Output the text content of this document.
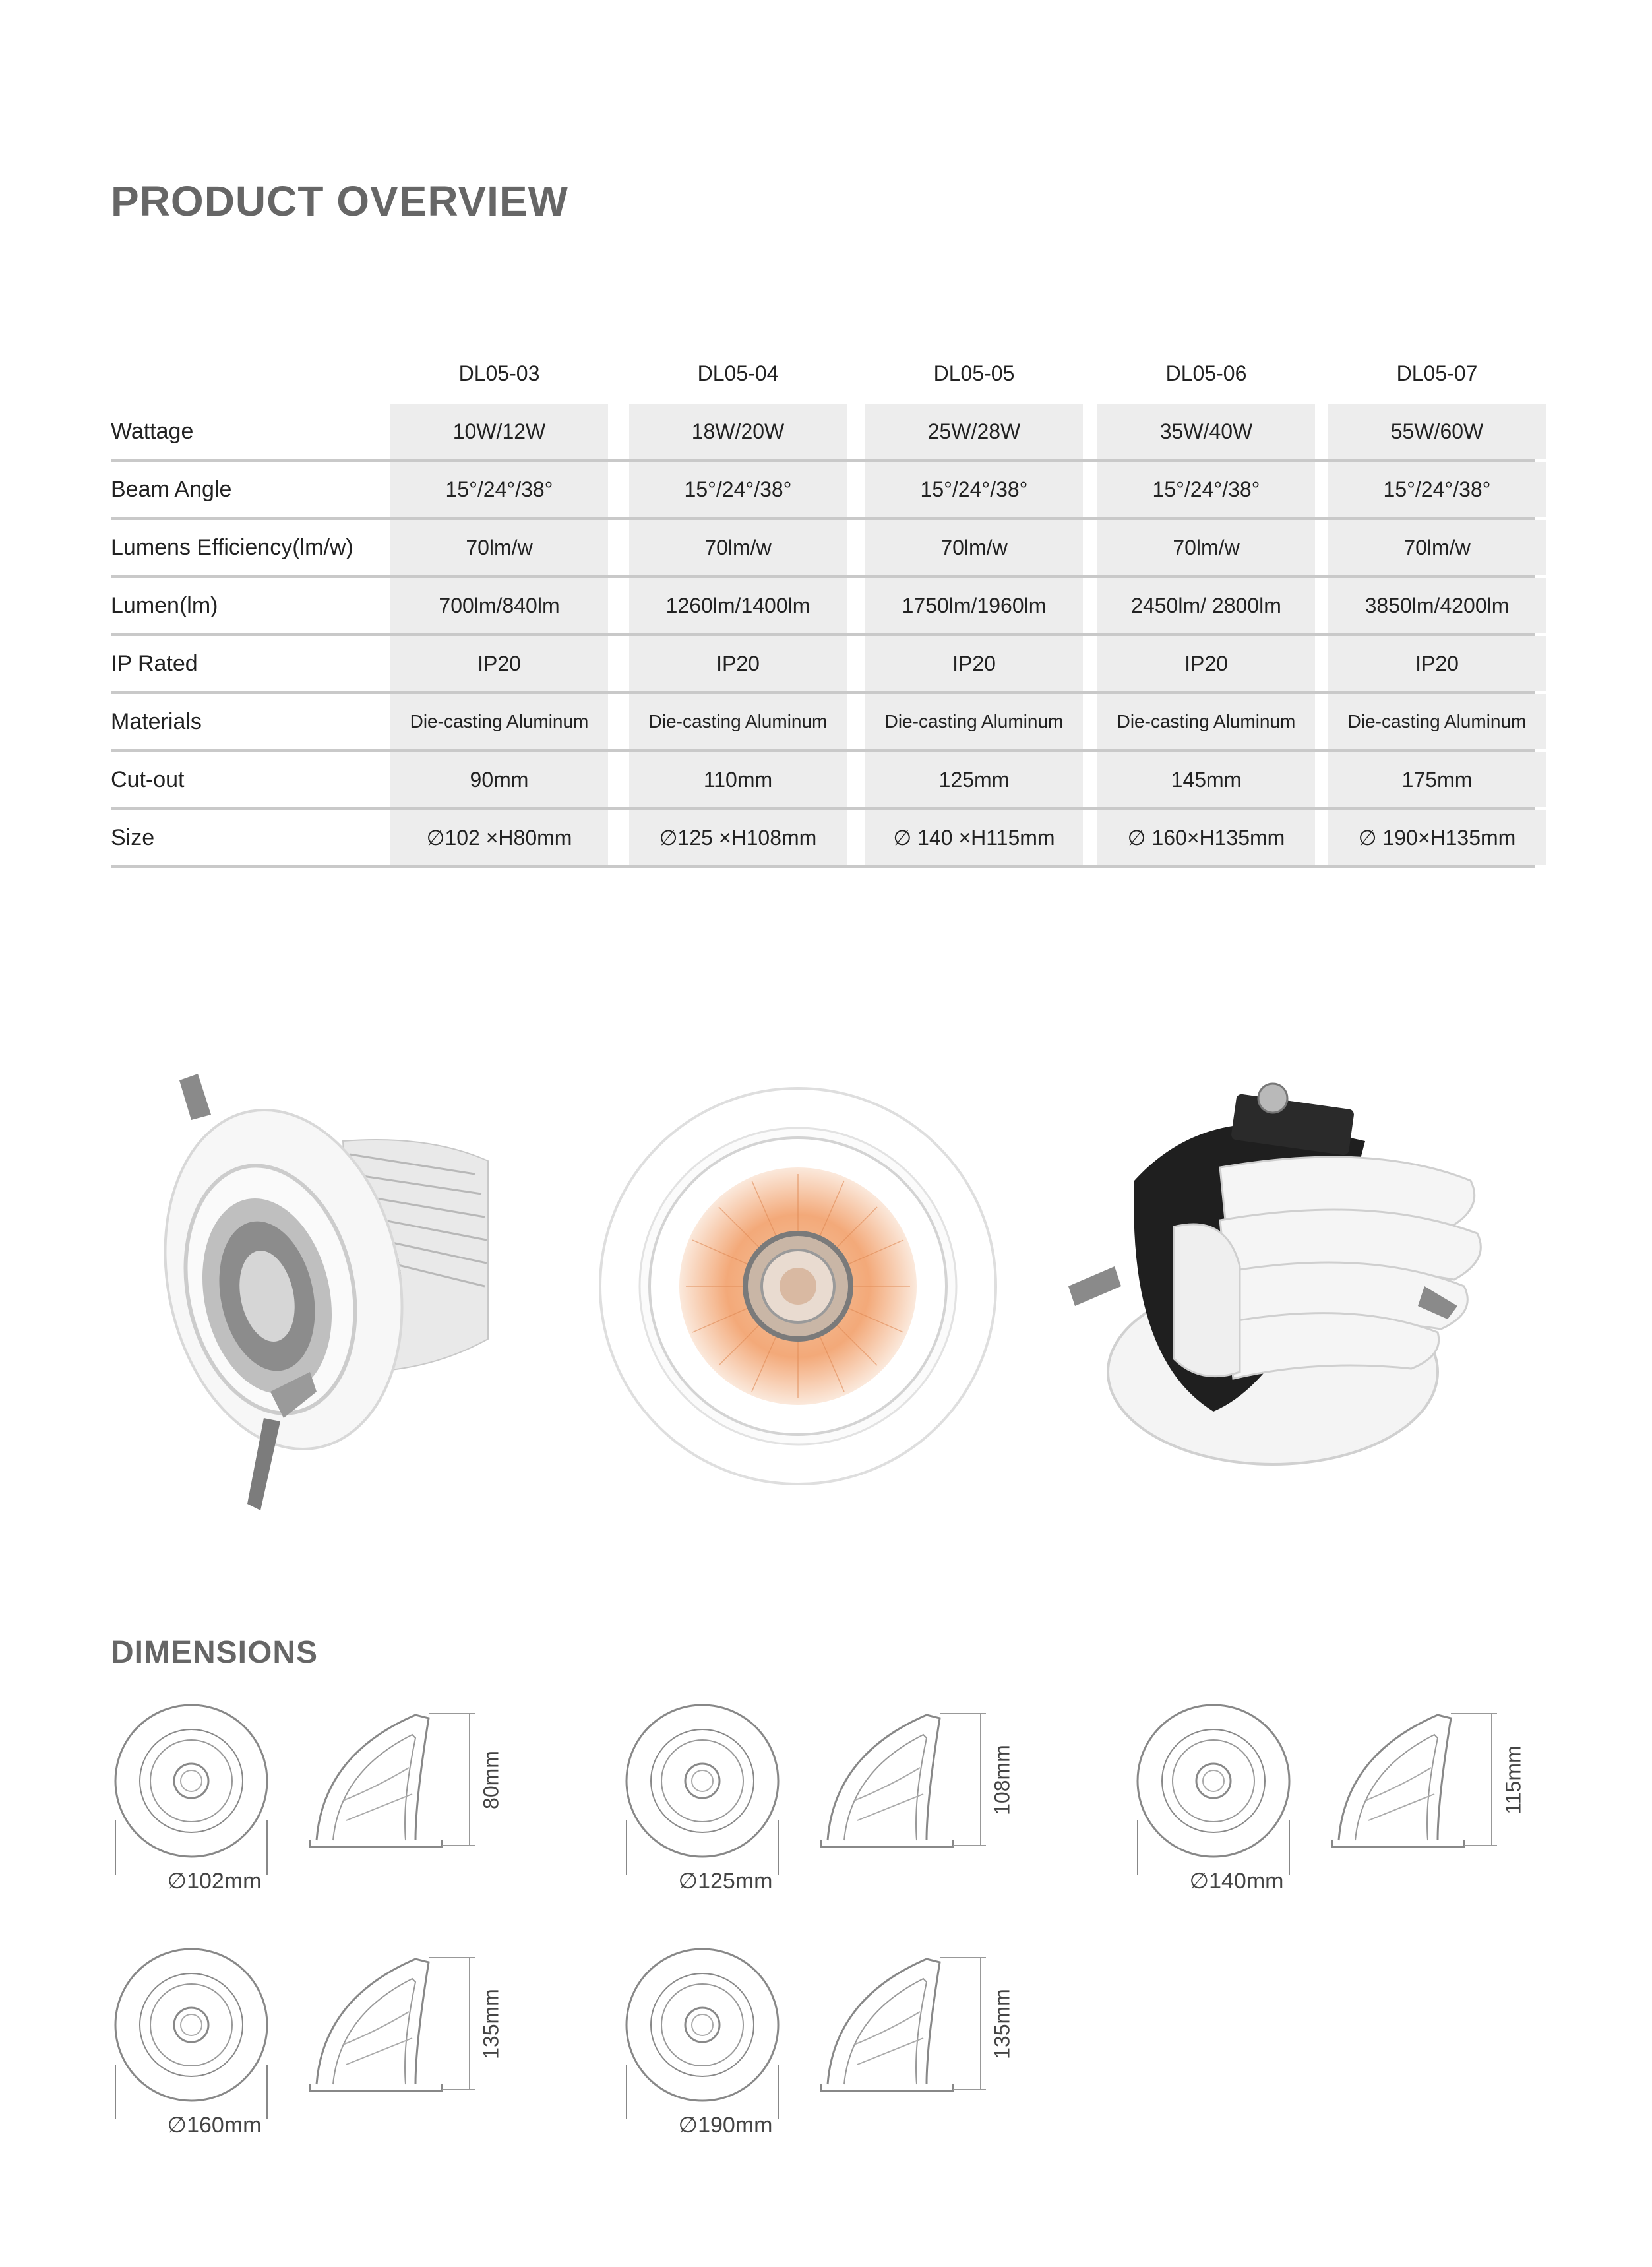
PRODUCT OVERVIEW
DL05-03	DL05-04	DL05-05	DL05-06	DL05-07
Wattage	10W/12W	18W/20W	25W/28W	35W/40W	55W/60W
Beam Angle	15°/24°/38°	15°/24°/38°	15°/24°/38°	15°/24°/38°	15°/24°/38°
Lumens Efficiency(lm/w)	70lm/w	70lm/w	70lm/w	70lm/w	70lm/w
Lumen(lm)	700lm/840lm	1260lm/1400lm	1750lm/1960lm	2450lm/ 2800lm	3850lm/4200lm
IP Rated	IP20	IP20	IP20	IP20	IP20
Materials	Die-casting Aluminum	Die-casting Aluminum	Die-casting Aluminum	Die-casting Aluminum	Die-casting Aluminum
Cut-out	90mm	110mm	125mm	145mm	175mm
Size	∅102 ×H80mm	∅125 ×H108mm	∅ 140 ×H115mm	∅ 160×H135mm	∅ 190×H135mm
DIMENSIONS
∅102mm
80mm
∅125mm
108mm
∅140mm
115mm
∅160mm
135mm
∅190mm
135mm
